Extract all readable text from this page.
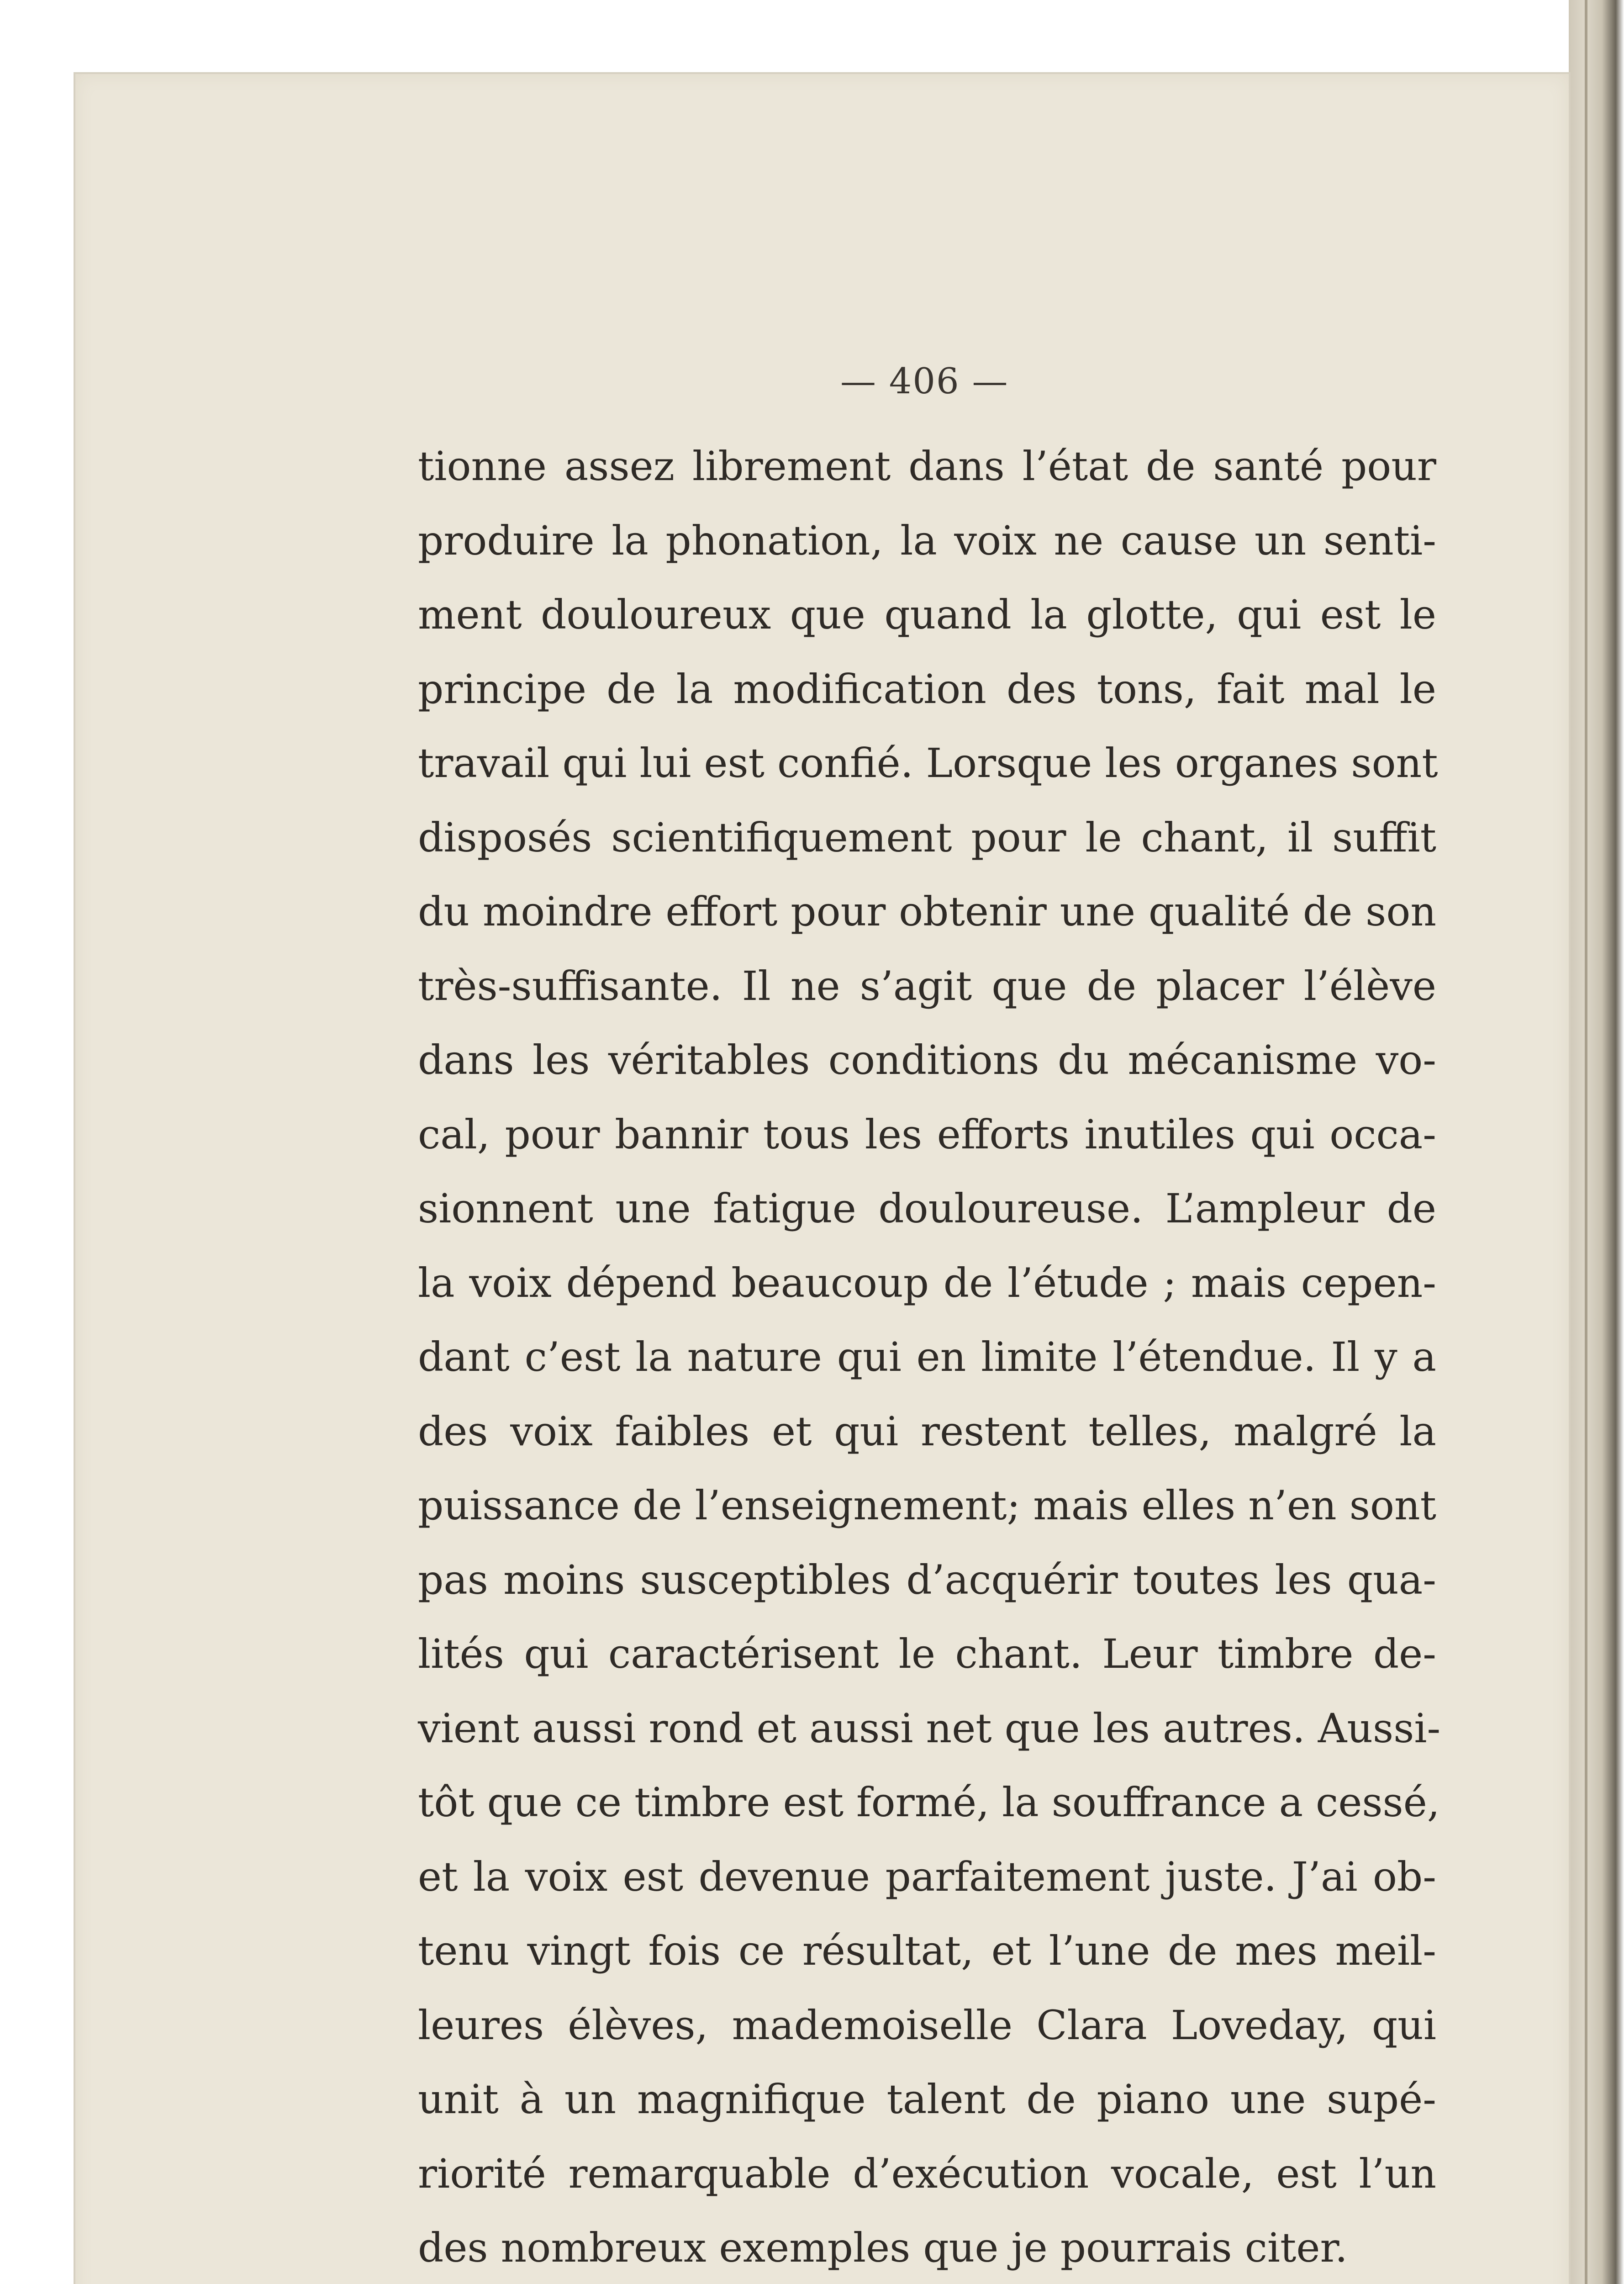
— 406 —
tionne assez librement dans l’état de santé pour
produire la phonation, la voix ne cause un senti-
ment douloureux que quand la glotte, qui est le
principe de la modification des tons, fait mal le
travail qui lui est confié. Lorsque les organes sont
disposés scientifiquement pour le chant, il suffit
du moindre effort pour obtenir une qualité de son
très-suffisante. Il ne s’agit que de placer l’élève
dans les véritables conditions du mécanisme vo-
cal, pour bannir tous les efforts inutiles qui occa-
sionnent une fatigue douloureuse. L’ampleur de
la voix dépend beaucoup de l’étude ; mais cepen-
dant c’est la nature qui en limite l’étendue. Il y a
des voix faibles et qui restent telles, malgré la
puissance de l’enseignement; mais elles n’en sont
pas moins susceptibles d’acquérir toutes les qua-
lités qui caractérisent le chant. Leur timbre de-
vient aussi rond et aussi net que les autres. Aussi-
tôt que ce timbre est formé, la souffrance a cessé,
et la voix est devenue parfaitement juste. J’ai ob-
tenu vingt fois ce résultat, et l’une de mes meil-
leures élèves, mademoiselle Clara Loveday, qui
unit à un magnifique talent de piano une supé-
riorité remarquable d’exécution vocale, est l’un
des nombreux exemples que je pourrais citer.
